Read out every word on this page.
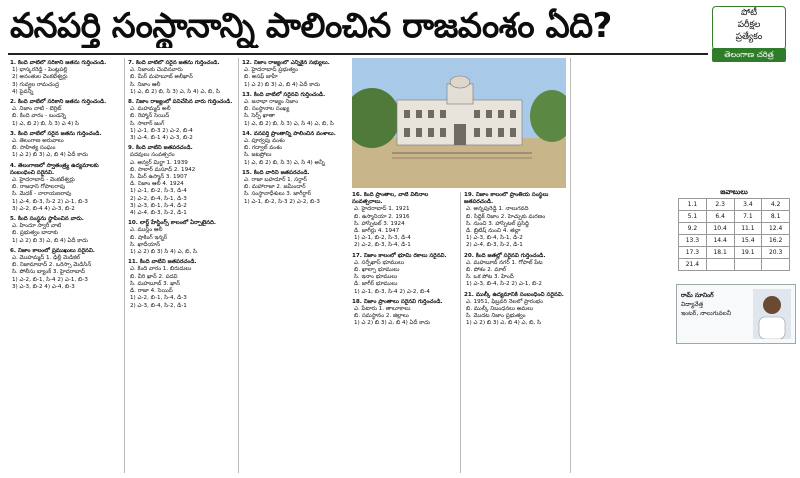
వనపర్తి సంస్థానాన్ని పాలించిన రాజవంశం ఏది?	పోటీ
పరీక్షల
ప్రత్యేకం
తెలంగాణ చరిత్ర
1. కింది వాటిలో సరికాని జతను గుర్తించండి.
1) భాస్కరరెడ్డి - పెంట్లపల్లి
2) అనంతుల వెంకటేశ్వర్లు
3) గువ్వల రామచంద్ర
4) పైవన్నీ
2. కింది వాటిలో సరికాని జతను గుర్తించండి.
ఎ. నిజాం నాటి - బెర్రిట్
బి. కింది వారం - బండన్నె
1) ఎ, బి 2) బి, సి 3) ఎ 4) సి
3. కింది వాటిలో సరైన జతను గుర్తించండి.
ఎ. తెలంగాణ అరువాలు
బి. సాహిత్య సంఘం
1) ఎ 2) బి 3) ఎ, బి 4) ఏదీ కాదు
4. తెలంగాణలో స్వాతంత్ర్య ఉద్యమాలకు సంబంధించి సరైనవి.
ఎ. హైదరాబాద్ - వెంకటేశ్వర్లు
బి. రాజధాని గోపాలరావు
సి. మెదక్ - నారాయణరావు
1) ఎ-4, బి-3, సి-2 2) ఎ-1, బి-3
3) ఎ-2, బి-4 4) ఎ-3, బి-2
5. కింది సంస్థను స్థాపించిన వారు.
ఎ. హిందూ స్వారీ వాటి
బి. ప్రభుత్వం బాదాకు
1) ఎ 2) బి 3) ఎ, బి 4) ఏదీ కాదు
6. నిజాం కాలంలో ప్రముఖులు సరైనవి.
ఎ. మొహమ్మద్ 1. ఢిల్లీ మెడికల్
బి. నిజామాబాద్ 2. ఒరిస్సా మెడిసిన్
సి. పోలీసు బ్యాంక్ 3. హైదరాబాద్
1) ఎ-2, బి-1, సి-4 2) ఎ-1, బి-3
3) ఎ-3, బి-2 4) ఎ-4, బి-3
7. కింది వాటిలో సరైన జతను గుర్తించండి.
ఎ. నిజాంకు చెందినవారు
బి. మీర్ మహబూబ్ అలీఖాన్
సి. నిజాం ఆలీ
1) ఎ, బి 2) బి, సి 3) ఎ, సి 4) ఎ, బి, సి
8. నిజాం రాజ్యంలో పనిచేసిన వారు గుర్తించండి.
ఎ. మహమ్మద్ అలీ
బి. రెహ్మాన్ సెయిద్
సి. సాలార్ జంగ్
1) ఎ-1, బి-3 2) ఎ-2, బి-4
3) ఎ-4, బి-1 4) ఎ-3, బి-2
9. కింది వాటిని జతపరచండి.
పదవులు సంవత్సరం
ఎ. అన్వర్ మిర్జా 1. 1939
బి. సాలార్ మసూద్ 2. 1942
సి. మీర్ ఉస్మాన్ 3. 1907
డి. నిజాం ఆలీ 4. 1924
1) ఎ-1, బి-2, సి-3, డి-4
2) ఎ-2, బి-4, సి-1, డి-3
3) ఎ-3, బి-1, సి-4, డి-2
4) ఎ-4, బి-3, సి-2, డి-1
10. లార్డ్ హేస్టింగ్స్ కాలంలో ఏర్పాటైనది.
ఎ. ముస్లిం ఆలీ
బి. షాకింగ్ ఇన్నర్
సి. ఖాదీయాన్
1) ఎ 2) బి 3) సి 4) ఎ, బి, సి
11. కింది వాటిని జతపరచండి.
ఎ. కింది వారం 1. బిరుదులు
బి. వీరి ఖాన్ 2. పదవి
సి. మహబూబ్ 3. ఖాన్
డి. రాజా 4. సెయిద్
1) ఎ-2, బి-1, సి-4, డి-3
2) ఎ-3, బి-4, సి-2, డి-1
12. నిజాం రాజ్యంలో ఎన్నికైన సభ్యులు.
ఎ. హైదరాబాద్ ప్రభుత్వం
బి. అసఫ్ జాహీ
1) ఎ 2) బి 3) ఎ, బి 4) ఏదీ కాదు
13. కింది వాటిలో సరైనవి గుర్తించండి.
ఎ. జనాభా రాజ్యం నిజాం
బి. సంస్థానాల సంఖ్య
సి. సెర్ఫ్ ఖాతా
1) ఎ, బి 2) బి, సి 3) ఎ, సి 4) ఎ, బి, సి
14. వనపర్తి ప్రాంతాన్ని పాలించిన వంశాలు.
ఎ. పూర్వపు వంశం
బి. గద్వాల్ వంశం
సి. జటప్రోలు
1) ఎ, బి 2) బి, సి 3) ఎ, సి 4) అన్నీ
15. కింది వారిని జతపరచండి.
ఎ. రాజా బహదూర్ 1. సర్దార్
బి. మహారాజా 2. జమీందార్
సి. సంస్థానాధీశులు 3. జాగీర్దార్
1) ఎ-1, బి-2, సి-3 2) ఎ-2, బి-3
16. కింది ప్రాంతాల, వాటి విలీనాల సంవత్సరాలు.
ఎ. హైదరాబాద్ 1. 1921
బి. ఉస్మానియా 2. 1916
సి. హాస్పిటల్ 3. 1924
డి. జాగీర్లు 4. 1947
1) ఎ-1, బి-2, సి-3, డి-4
2) ఎ-2, బి-3, సి-4, డి-1
17. నిజాం కాలంలో భూమి రకాలు సరైనవి.
ఎ. సర్ఫేఖాస్ భూములు
బి. ఖాల్సా భూములు
సి. ఇనాం భూములు
డి. జాగీర్ భూములు
1) ఎ-1, బి-3, సి-4 2) ఎ-2, బి-4
18. నిజాం ప్రాంతాలు సరైనవి గుర్తించండి.
ఎ. పేటారు 1. తాలూకాలు
బి. సమస్థానం 2. జిల్లాలు
1) ఎ 2) బి 3) ఎ, బి 4) ఏదీ కాదు
19. నిజాం కాలంలో ప్రాంతీయ సంస్థలు జతపరచండి.
ఎ. అన్నపురెడ్డి 1. నాలుగవది
బి. సిద్ధిక్ నిజాం 2. హెచ్చుకు మరణం
సి. నుంచి 3. హాస్పిటల్ ప్రసిద్ధి
డి. బ్రిటిష్ నుంచి 4. తబ్లా
1) ఎ-3, బి-4, సి-1, డి-2
2) ఎ-4, బి-3, సి-2, డి-1
20. కింది జతల్లో సరైనవి గుర్తించండి.
ఎ. మహబూబ్ నగర్ 1. గోపాల్ పేట
బి. పోశం 2. మాల్
సి. ఒక పోట 3. హిందీ
1) ఎ-3, బి-4, సి-2 2) ఎ-1, బి-2
21. ముల్కీ ఉద్యమానికి సంబంధించి సరైనవి.
ఎ. 1951, ఫిబ్రవరి నెలలో ప్రారంభం
బి. ముల్కీ నిబంధనలు అమలు
సి. మొదట నిజాం ప్రభుత్వం
1) ఎ 2) బి 3) ఎ, బి 4) ఎ, బి, సి
జవాబులు
1.1	2.3	3.4	4.2
5.1	6.4	7.1	8.1
9.2	10.4	11.1	12.4
13.3	14.4	15.4	16.2
17.3	18.1	19.1	20.3
21.4			
రామ్ సూనింగ్
విద్యావేత్త
ఇంటర్, నాలుగువలనీ
